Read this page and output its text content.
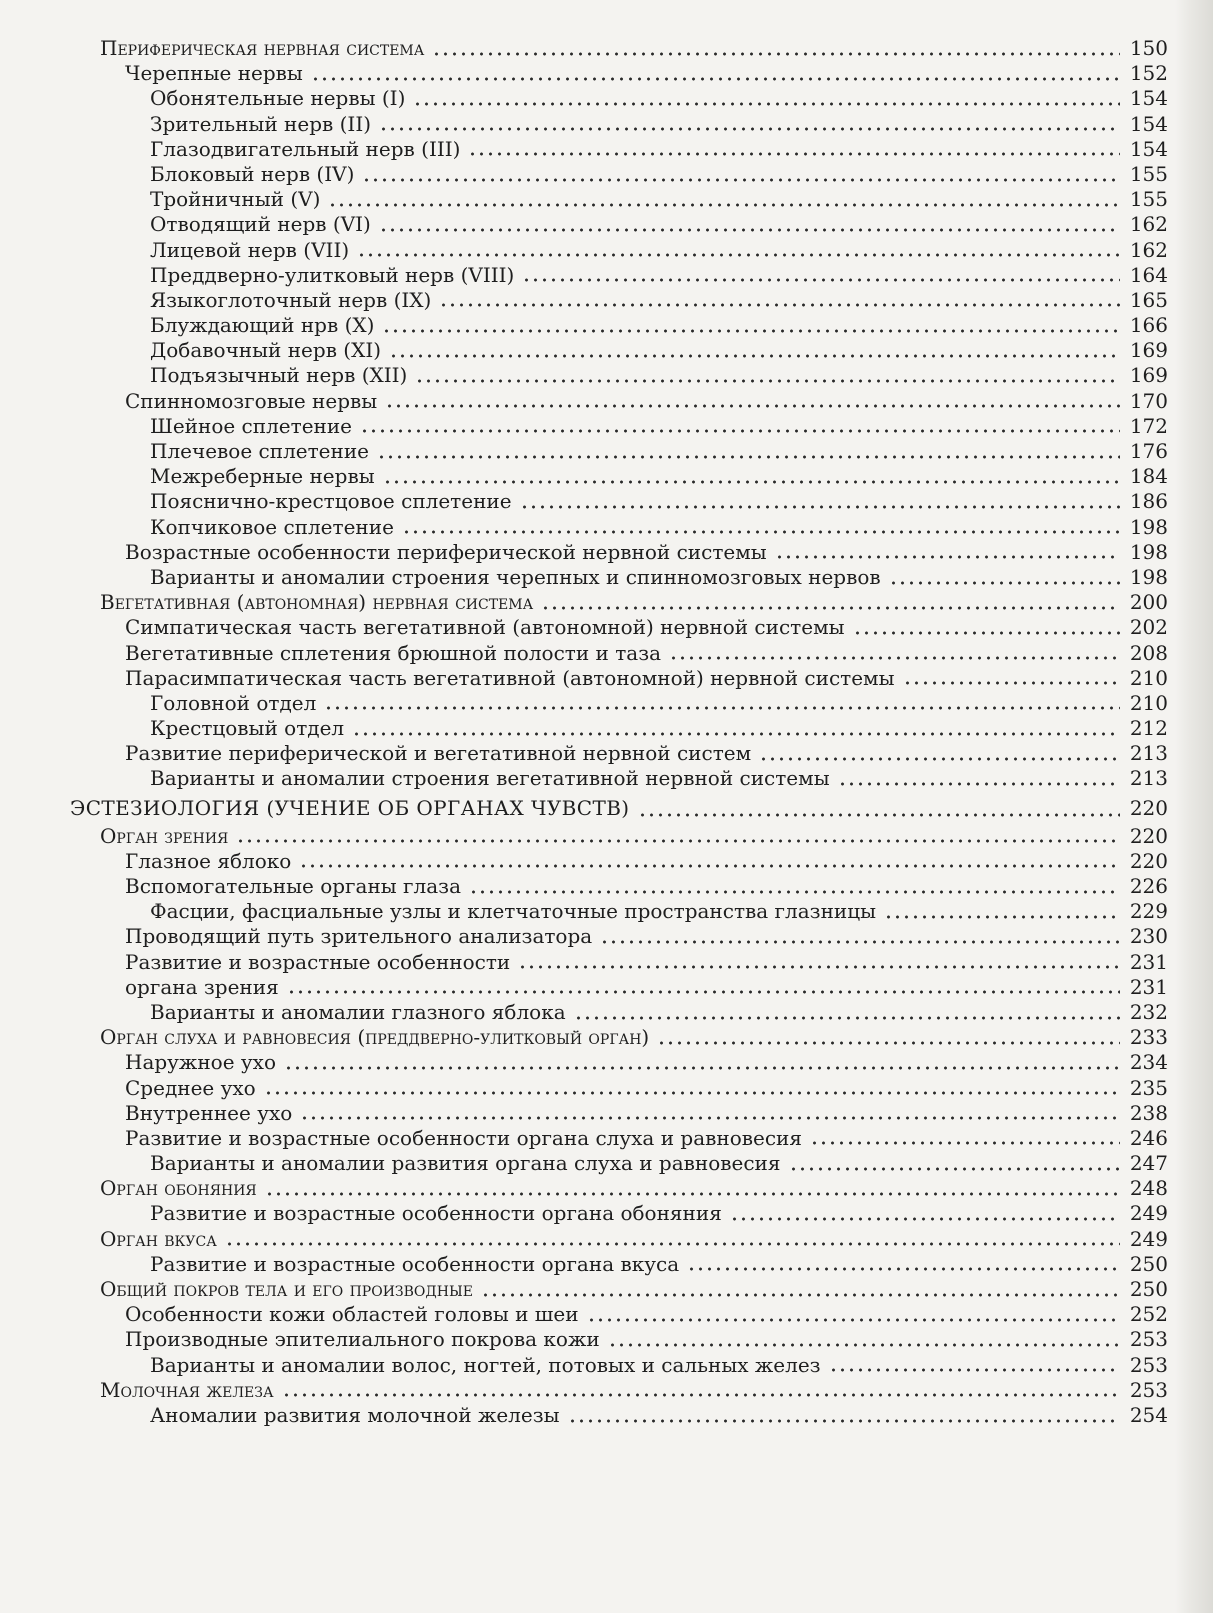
Периферическая нервная система	150
Черепные нервы	152
Обонятельные нервы (I)	154
Зрительный нерв (II)	154
Глазодвигательный нерв (III)	154
Блоковый нерв (IV)	155
Тройничный (V)	155
Отводящий нерв (VI)	162
Лицевой нерв (VII)	162
Преддверно-улитковый нерв (VIII)	164
Языкоглоточный нерв (IX)	165
Блуждающий нрв (X)	166
Добавочный нерв (XI)	169
Подъязычный нерв (XII)	169
Спинномозговые нервы	170
Шейное сплетение	172
Плечевое сплетение	176
Межреберные нервы	184
Пояснично-крестцовое сплетение	186
Копчиковое сплетение	198
Возрастные особенности периферической нервной системы	198
Варианты и аномалии строения черепных и спинномозговых нервов	198
Вегетативная (автономная) нервная система	200
Симпатическая часть вегетативной (автономной) нервной системы	202
Вегетативные сплетения брюшной полости и таза	208
Парасимпатическая часть вегетативной (автономной) нервной системы	210
Головной отдел	210
Крестцовый отдел	212
Развитие периферической и вегетативной нервной систем	213
Варианты и аномалии строения вегетативной нервной системы	213
ЭСТЕЗИОЛОГИЯ (УЧЕНИЕ ОБ ОРГАНАХ ЧУВСТВ)	220
Орган зрения	220
Глазное яблоко	220
Вспомогательные органы глаза	226
Фасции, фасциальные узлы и клетчаточные пространства глазницы	229
Проводящий путь зрительного анализатора	230
Развитие и возрастные особенности	231
органа зрения	231
Варианты и аномалии глазного яблока	232
Орган слуха и равновесия (преддверно-улитковый орган)	233
Наружное ухо	234
Среднее ухо	235
Внутреннее ухо	238
Развитие и возрастные особенности органа слуха и равновесия	246
Варианты и аномалии развития органа слуха и равновесия	247
Орган обоняния	248
Развитие и возрастные особенности органа обоняния	249
Орган вкуса	249
Развитие и возрастные особенности органа вкуса	250
Общий покров тела и его производные	250
Особенности кожи областей головы и шеи	252
Производные эпителиального покрова кожи	253
Варианты и аномалии волос, ногтей, потовых и сальных желез	253
Молочная железа	253
Аномалии развития молочной железы	254
